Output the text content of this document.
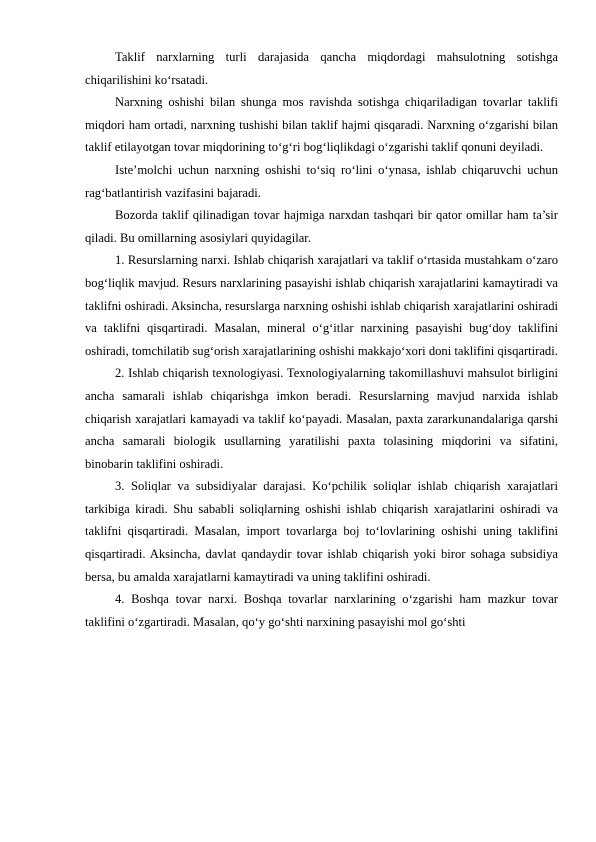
Taklif narxlarning turli darajasida qancha miqdordagi mahsulotning sotishga chiqarilishini ko‘rsatadi.

Narxning oshishi bilan shunga mos ravishda sotishga chiqariladigan tovarlar taklifi miqdori ham ortadi, narxning tushishi bilan taklif hajmi qisqaradi. Narxning o‘zgarishi bilan taklif etilayotgan tovar miqdorining to‘g‘ri bog‘liqlikdagi o‘zgarishi taklif qonuni deyiladi.

Iste’molchi uchun narxning oshishi to‘siq ro‘lini o‘ynasa, ishlab chiqaruvchi uchun rag‘batlantirish vazifasini bajaradi.

Bozorda taklif qilinadigan tovar hajmiga narxdan tashqari bir qator omillar ham ta’sir qiladi. Bu omillarning asosiylari quyidagilar.

1. Resurslarning narxi. Ishlab chiqarish xarajatlari va taklif o‘rtasida mustahkam o‘zaro bog‘liqlik mavjud. Resurs narxlarining pasayishi ishlab chiqarish xarajatlarini kamaytiradi va taklifni oshiradi. Aksincha, resurslarga narxning oshishi ishlab chiqarish xarajatlarini oshiradi va taklifni qisqartiradi. Masalan, mineral o‘g‘itlar narxining pasayishi bug‘doy taklifini oshiradi, tomchilatib sug‘orish xarajatlarining oshishi makkajo‘xori doni taklifini qisqartiradi.

2. Ishlab chiqarish texnologiyasi. Texnologiyalarning takomillashuvi mahsulot birligini ancha samarali ishlab chiqarishga imkon beradi. Resurslarning mavjud narxida ishlab chiqarish xarajatlari kamayadi va taklif ko‘payadi. Masalan, paxta zararkunandalariga qarshi ancha samarali biologik usullarning yaratilishi paxta tolasining miqdorini va sifatini, binobarin taklifini oshiradi.

3. Soliqlar va subsidiyalar darajasi. Ko‘pchilik soliqlar ishlab chiqarish xarajatlari tarkibiga kiradi. Shu sababli soliqlarning oshishi ishlab chiqarish xarajatlarini oshiradi va taklifni qisqartiradi. Masalan, import tovarlarga boj to‘lovlarining oshishi uning taklifini qisqartiradi. Aksincha, davlat qandaydir tovar ishlab chiqarish yoki biror sohaga subsidiya bersa, bu amalda xarajatlarni kamaytiradi va uning taklifini oshiradi.

4. Boshqa tovar narxi. Boshqa tovarlar narxlarining o‘zgarishi ham mazkur tovar taklifini o‘zgartiradi. Masalan, qo‘y go‘shti narxining pasayishi mol go‘shti
